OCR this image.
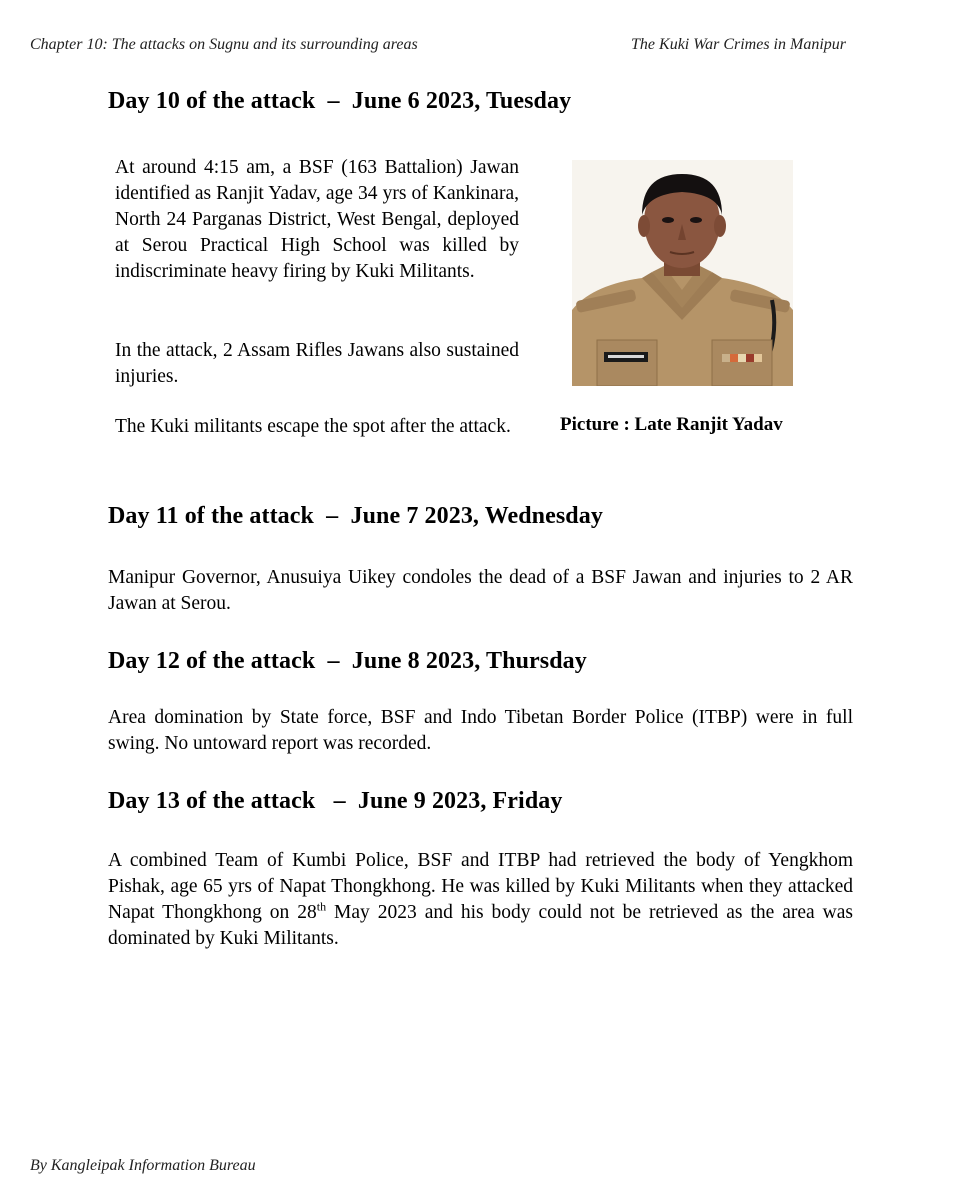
Chapter 10: The attacks on Sugnu and its surrounding areas	The Kuki War Crimes in Manipur
Day 10 of the attack  –  June 6 2023, Tuesday
At around 4:15 am, a BSF (163 Battalion) Jawan identified as Ranjit Yadav, age 34 yrs of Kankinara, North 24 Parganas District, West Bengal, deployed at Serou Practical High School was killed by indiscriminate heavy firing by Kuki Militants.
In the attack, 2 Assam Rifles Jawans also sustained injuries.
The Kuki militants escape the spot after the attack.	Picture : Late Ranjit Yadav
Day 11 of the attack  –  June 7 2023, Wednesday
Manipur Governor, Anusuiya Uikey condoles the dead of a BSF Jawan and injuries to 2 AR Jawan at Serou.
Day 12 of the attack  –  June 8 2023, Thursday
Area domination by State force, BSF and Indo Tibetan Border Police (ITBP) were in full swing. No untoward report was recorded.
Day 13 of the attack   –  June 9 2023, Friday
A combined Team of Kumbi Police, BSF and ITBP had retrieved the body of Yengkhom Pishak, age 65 yrs of Napat Thongkhong. He was killed by Kuki Militants when they attacked Napat Thongkhong on 28th May 2023 and his body could not be retrieved as the area was dominated by Kuki Militants.
By Kangleipak Information Bureau
